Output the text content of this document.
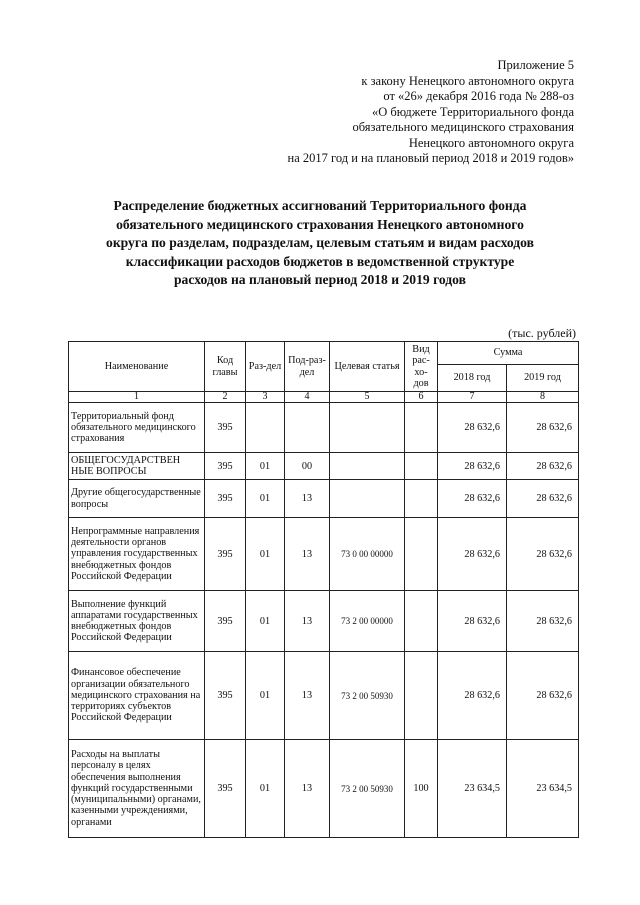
Приложение 5
к закону Ненецкого автономного округа
от «26» декабря 2016 года № 288-оз
«О бюджете Территориального фонда
обязательного медицинского страхования
Ненецкого автономного округа
на 2017 год и на плановый период 2018 и 2019 годов»
Распределение бюджетных ассигнований Территориального фонда
обязательного медицинского страхования Ненецкого автономного
округа по разделам, подразделам, целевым статьям и видам расходов
классификации расходов бюджетов в ведомственной структуре
расходов на плановый период 2018 и 2019 годов
(тыс. рублей)
Наименование	Код главы	Раз-дел	Под-раз-дел	Целевая статья	Вид рас-хо-дов	Сумма	
						2018 год	2019 год
1	2	3	4	5	6	7	8
Территориальный фонд обязательного медицинского страхования	395					28 632,6	28 632,6
ОБЩЕГОСУДАРСТВЕН НЫЕ ВОПРОСЫ	395	01	00			28 632,6	28 632,6
Другие общегосударственные вопросы	395	01	13			28 632,6	28 632,6
Непрограммные направления деятельности органов управления государственных внебюджетных фондов Российской Федерации	395	01	13	73 0 00 00000		28 632,6	28 632,6
Выполнение функций аппаратами государственных внебюджетных фондов Российской Федерации	395	01	13	73 2 00 00000		28 632,6	28 632,6
Финансовое обеспечение организации обязательного медицинского страхования на территориях субъектов Российской Федерации	395	01	13	73 2 00 50930		28 632,6	28 632,6
Расходы на выплаты персоналу в целях обеспечения выполнения функций государственными (муниципальными) органами, казенными учреждениями, органами	395	01	13	73 2 00 50930	100	23 634,5	23 634,5
